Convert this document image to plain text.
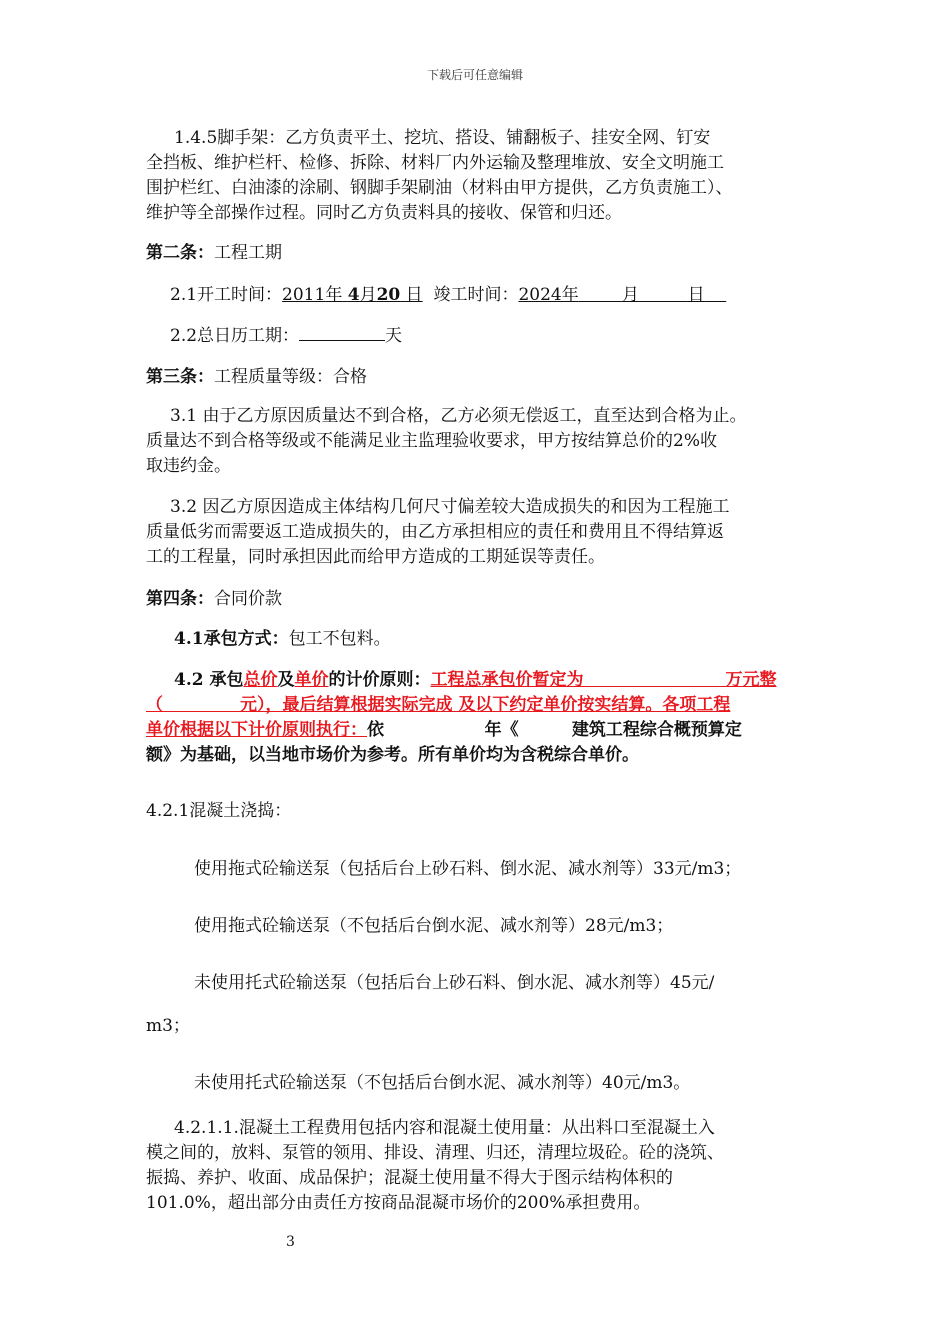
下载后可任意编辑
1.4.5脚手架：乙方负责平土、挖坑、搭设、铺翻板子、挂安全网、钉安
全挡板、维护栏杆、检修、拆除、材料厂内外运输及整理堆放、安全文明施工
围护栏红、白油漆的涂刷、钢脚手架刷油（材料由甲方提供，乙方负责施工）、
维护等全部操作过程。同时乙方负责料具的接收、保管和归还。
第二条：工程工期
2.1开工时间：2011年 4月20 日 竣工时间：2024年	月	日
2.2总日历工期：	天
第三条：工程质量等级：合格
3.1 由于乙方原因质量达不到合格，乙方必须无偿返工，直至达到合格为止。
质量达不到合格等级或不能满足业主监理验收要求，甲方按结算总价的2%收
取违约金。
3.2 因乙方原因造成主体结构几何尺寸偏差较大造成损失的和因为工程施工
质量低劣而需要返工造成损失的，由乙方承担相应的责任和费用且不得结算返
工的工程量，同时承担因此而给甲方造成的工期延误等责任。
第四条：合同价款
4.1承包方式：包工不包料。
4.2 承包总价及单价的计价原则：工程总承包价暂定为	万元整
（	元），最后结算根据实际完成 及以下约定单价按实结算。各项工程
单价根据以下计价原则执行：依	年《	建筑工程综合概预算定
额》为基础，以当地市场价为参考。所有单价均为含税综合单价。
4.2.1混凝土浇捣：
使用拖式砼输送泵（包括后台上砂石料、倒水泥、减水剂等）33元/m3；
使用拖式砼输送泵（不包括后台倒水泥、减水剂等）28元/m3；
未使用托式砼输送泵（包括后台上砂石料、倒水泥、减水剂等）45元/
m3；
未使用托式砼输送泵（不包括后台倒水泥、减水剂等）40元/m3。
4.2.1.1.混凝土工程费用包括内容和混凝土使用量：从出料口至混凝土入
模之间的，放料、泵管的领用、排设、清理、归还，清理垃圾砼。砼的浇筑、
振捣、养护、收面、成品保护；混凝土使用量不得大于图示结构体积的
101.0%，超出部分由责任方按商品混凝市场价的200%承担费用。
3
